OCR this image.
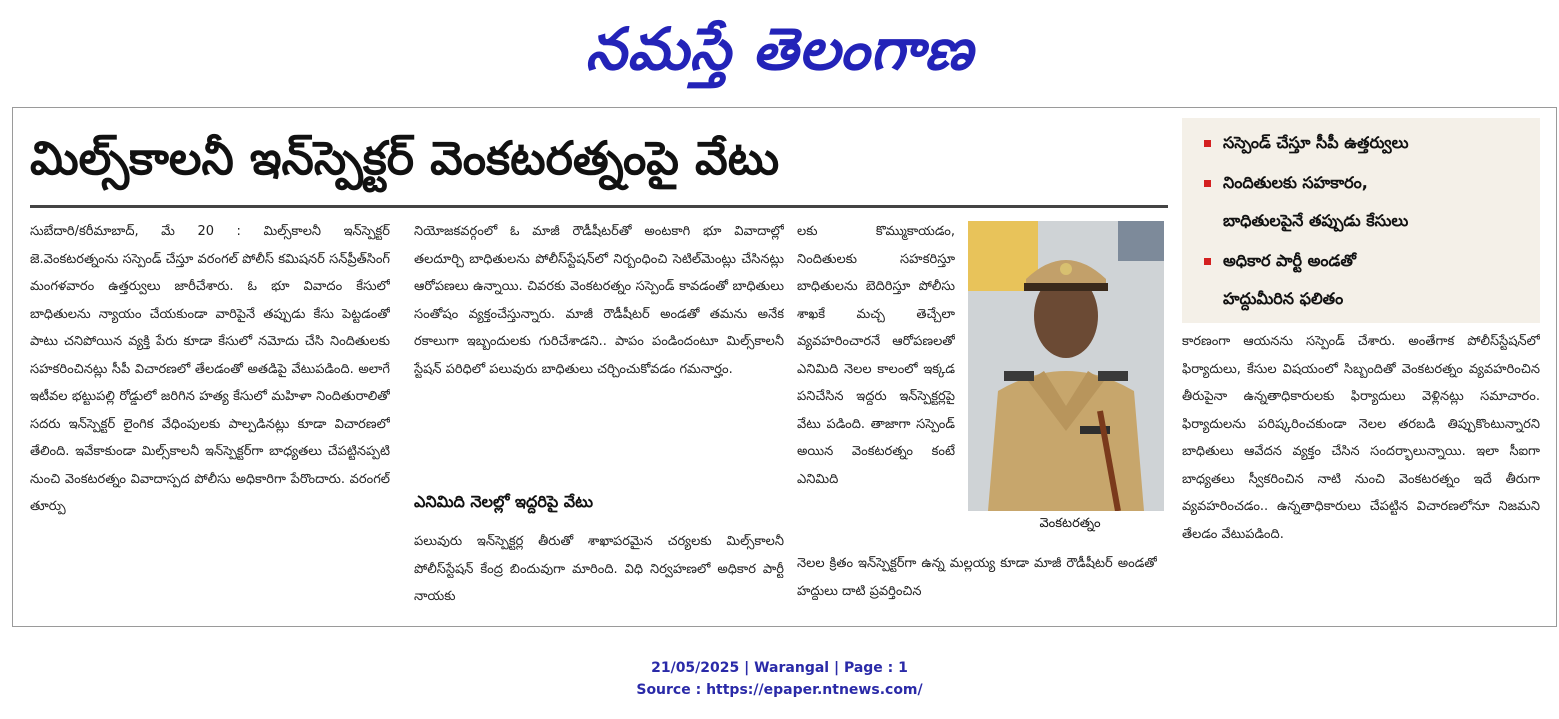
నమస్తే తెలంగాణ
మిల్స్‌కాలనీ ఇన్‌స్పెక్టర్ వెంకటరత్నంపై వేటు

సుబేదారి/కరీమాబాద్, మే 20 : మిల్స్‌కాలనీ ఇన్‌స్పెక్టర్ జె.వెంకటరత్నంను సస్పెండ్ చేస్తూ వరంగల్ పోలీస్ కమిషనర్ సన్‌ప్రీత్‌సింగ్ మంగళవారం ఉత్తర్వులు జారీచేశారు. ఓ భూ వివాదం కేసులో బాధితులను న్యాయం చేయకుండా వారిపైనే తప్పుడు కేసు పెట్టడంతో పాటు చనిపోయిన వ్యక్తి పేరు కూడా కేసులో నమోదు చేసి నిందితులకు సహకరించినట్లు సీపీ విచారణలో తేలడంతో అతడిపై వేటుపడింది. అలాగే ఇటీవల భట్టుపల్లి రోడ్డులో జరిగిన హత్య కేసులో మహిళా నిందితురాలితో సదరు ఇన్‌స్పెక్టర్ లైంగిక వేధింపులకు పాల్పడినట్లు కూడా విచారణలో తేలింది. ఇవేకాకుండా మిల్స్‌కాలనీ ఇన్‌స్పెక్టర్‌గా బాధ్యతలు చేపట్టినప్పటి నుంచి వెంకటరత్నం వివాదాస్పద పోలీసు అధికారిగా పేరొందారు. వరంగల్ తూర్పు

నియోజకవర్గంలో ఓ మాజీ రౌడీషీటర్‌తో అంటకాగి భూ వివాదాల్లో తలదూర్చి బాధితులను పోలీస్‌స్టేషన్‌లో నిర్బంధించి సెటిల్‌మెంట్లు చేసినట్లు ఆరోపణలు ఉన్నాయి. చివరకు వెంకటరత్నం సస్పెండ్ కావడంతో బాధితులు సంతోషం వ్యక్తంచేస్తున్నారు. మాజీ రౌడీషీటర్ అండతో తమను అనేక రకాలుగా ఇబ్బందులకు గురిచేశాడని.. పాపం పండిందంటూ మిల్స్‌కాలనీ స్టేషన్ పరిధిలో పలువురు బాధితులు చర్చించుకోవడం గమనార్హం.

ఎనిమిది నెలల్లో ఇద్దరిపై వేటు

పలువురు ఇన్‌స్పెక్టర్ల తీరుతో శాఖాపరమైన చర్యలకు మిల్స్‌కాలనీ పోలీస్‌స్టేషన్ కేంద్ర బిందువుగా మారింది. విధి నిర్వహణలో అధికార పార్టీ నాయకు

లకు కొమ్ముకాయడం, నిందితులకు సహకరిస్తూ బాధితులను బెదిరిస్తూ పోలీసు శాఖకే మచ్చ తెచ్చేలా వ్యవహరించారనే ఆరోపణలతో ఎనిమిది నెలల కాలంలో ఇక్కడ పనిచేసిన ఇద్దరు ఇన్‌స్పెక్టర్లపై వేటు పడింది. తాజాగా సస్పెండ్ అయిన వెంకటరత్నం కంటే ఎనిమిది

నెలల క్రితం ఇన్‌స్పెక్టర్‌గా ఉన్న మల్లయ్య కూడా మాజీ రౌడీషీటర్ అండతో హద్దులు దాటి ప్రవర్తించిన

వెంకటరత్నం
సస్పెండ్ చేస్తూ సీపీ ఉత్తర్వులు
నిందితులకు సహకారం,
బాధితులపైనే తప్పుడు కేసులు
అధికార పార్టీ అండతో
హద్దుమీరిన ఫలితం

కారణంగా ఆయనను సస్పెండ్ చేశారు. అంతేగాక పోలీస్‌స్టేషన్‌లో ఫిర్యాదులు, కేసుల విషయంలో సిబ్బందితో వెంకటరత్నం వ్యవహరించిన తీరుపైనా ఉన్నతాధికారులకు ఫిర్యాదులు వెళ్లినట్లు సమాచారం. ఫిర్యాదులను పరిష్కరించకుండా నెలల తరబడి తిప్పుకొంటున్నారని బాధితులు ఆవేదన వ్యక్తం చేసిన సందర్భాలున్నాయి. ఇలా సీఐగా బాధ్యతలు స్వీకరించిన నాటి నుంచి వెంకటరత్నం ఇదే తీరుగా వ్యవహరించడం.. ఉన్నతాధికారులు చేపట్టిన విచారణలోనూ నిజమని తేలడం వేటుపడింది.

21/05/2025 | Warangal | Page : 1
Source : https://epaper.ntnews.com/
